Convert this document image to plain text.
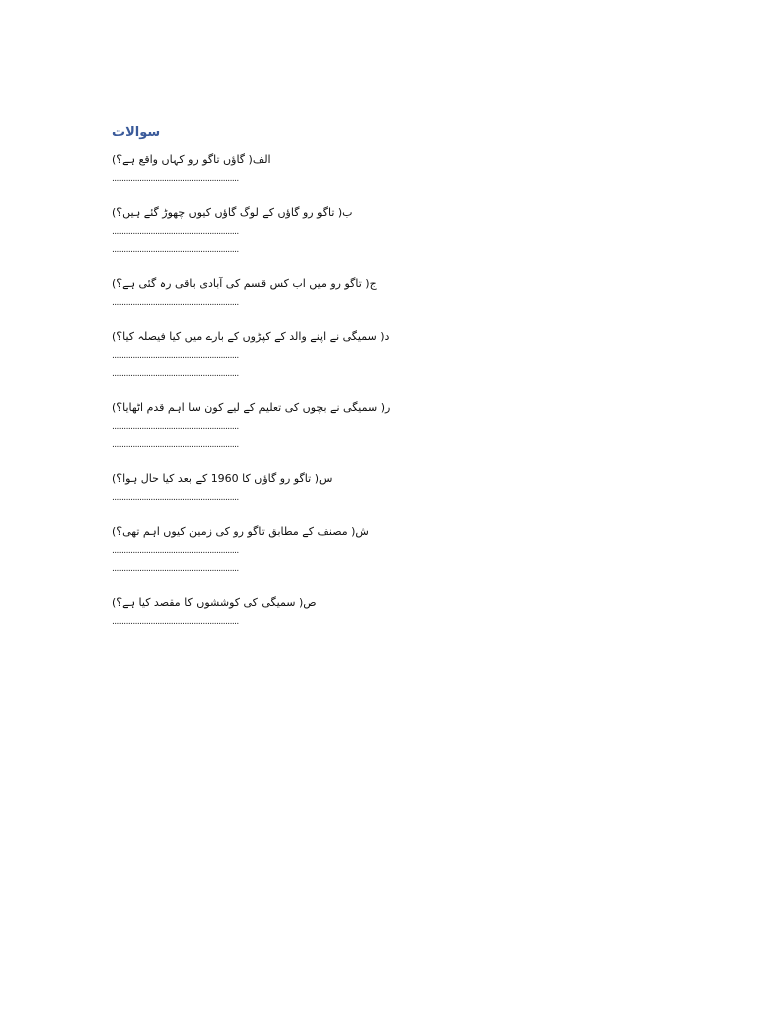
سوالات
الف( گاؤں تاگو رو کہاں واقع ہے؟)
........................................................
ب( تاگو رو گاؤں کے لوگ گاؤں کیوں چھوڑ گئے ہیں؟)
........................................................
........................................................
ج( تاگو رو میں اب کس قسم کی آبادی باقی رہ گئی ہے؟)
........................................................
د( سمیگی نے اپنے والد کے کپڑوں کے بارے میں کیا فیصلہ کیا؟)
........................................................
........................................................
ر( سمیگی نے بچوں کی تعلیم کے لیے کون سا اہم قدم اٹھایا؟)
........................................................
........................................................
س( تاگو رو گاؤں کا 1960 کے بعد کیا حال ہوا؟)
........................................................
ش( مصنف کے مطابق تاگو رو کی زمین کیوں اہم تھی؟)
........................................................
........................................................
ص( سمیگی کی کوششوں کا مقصد کیا ہے؟)
........................................................
